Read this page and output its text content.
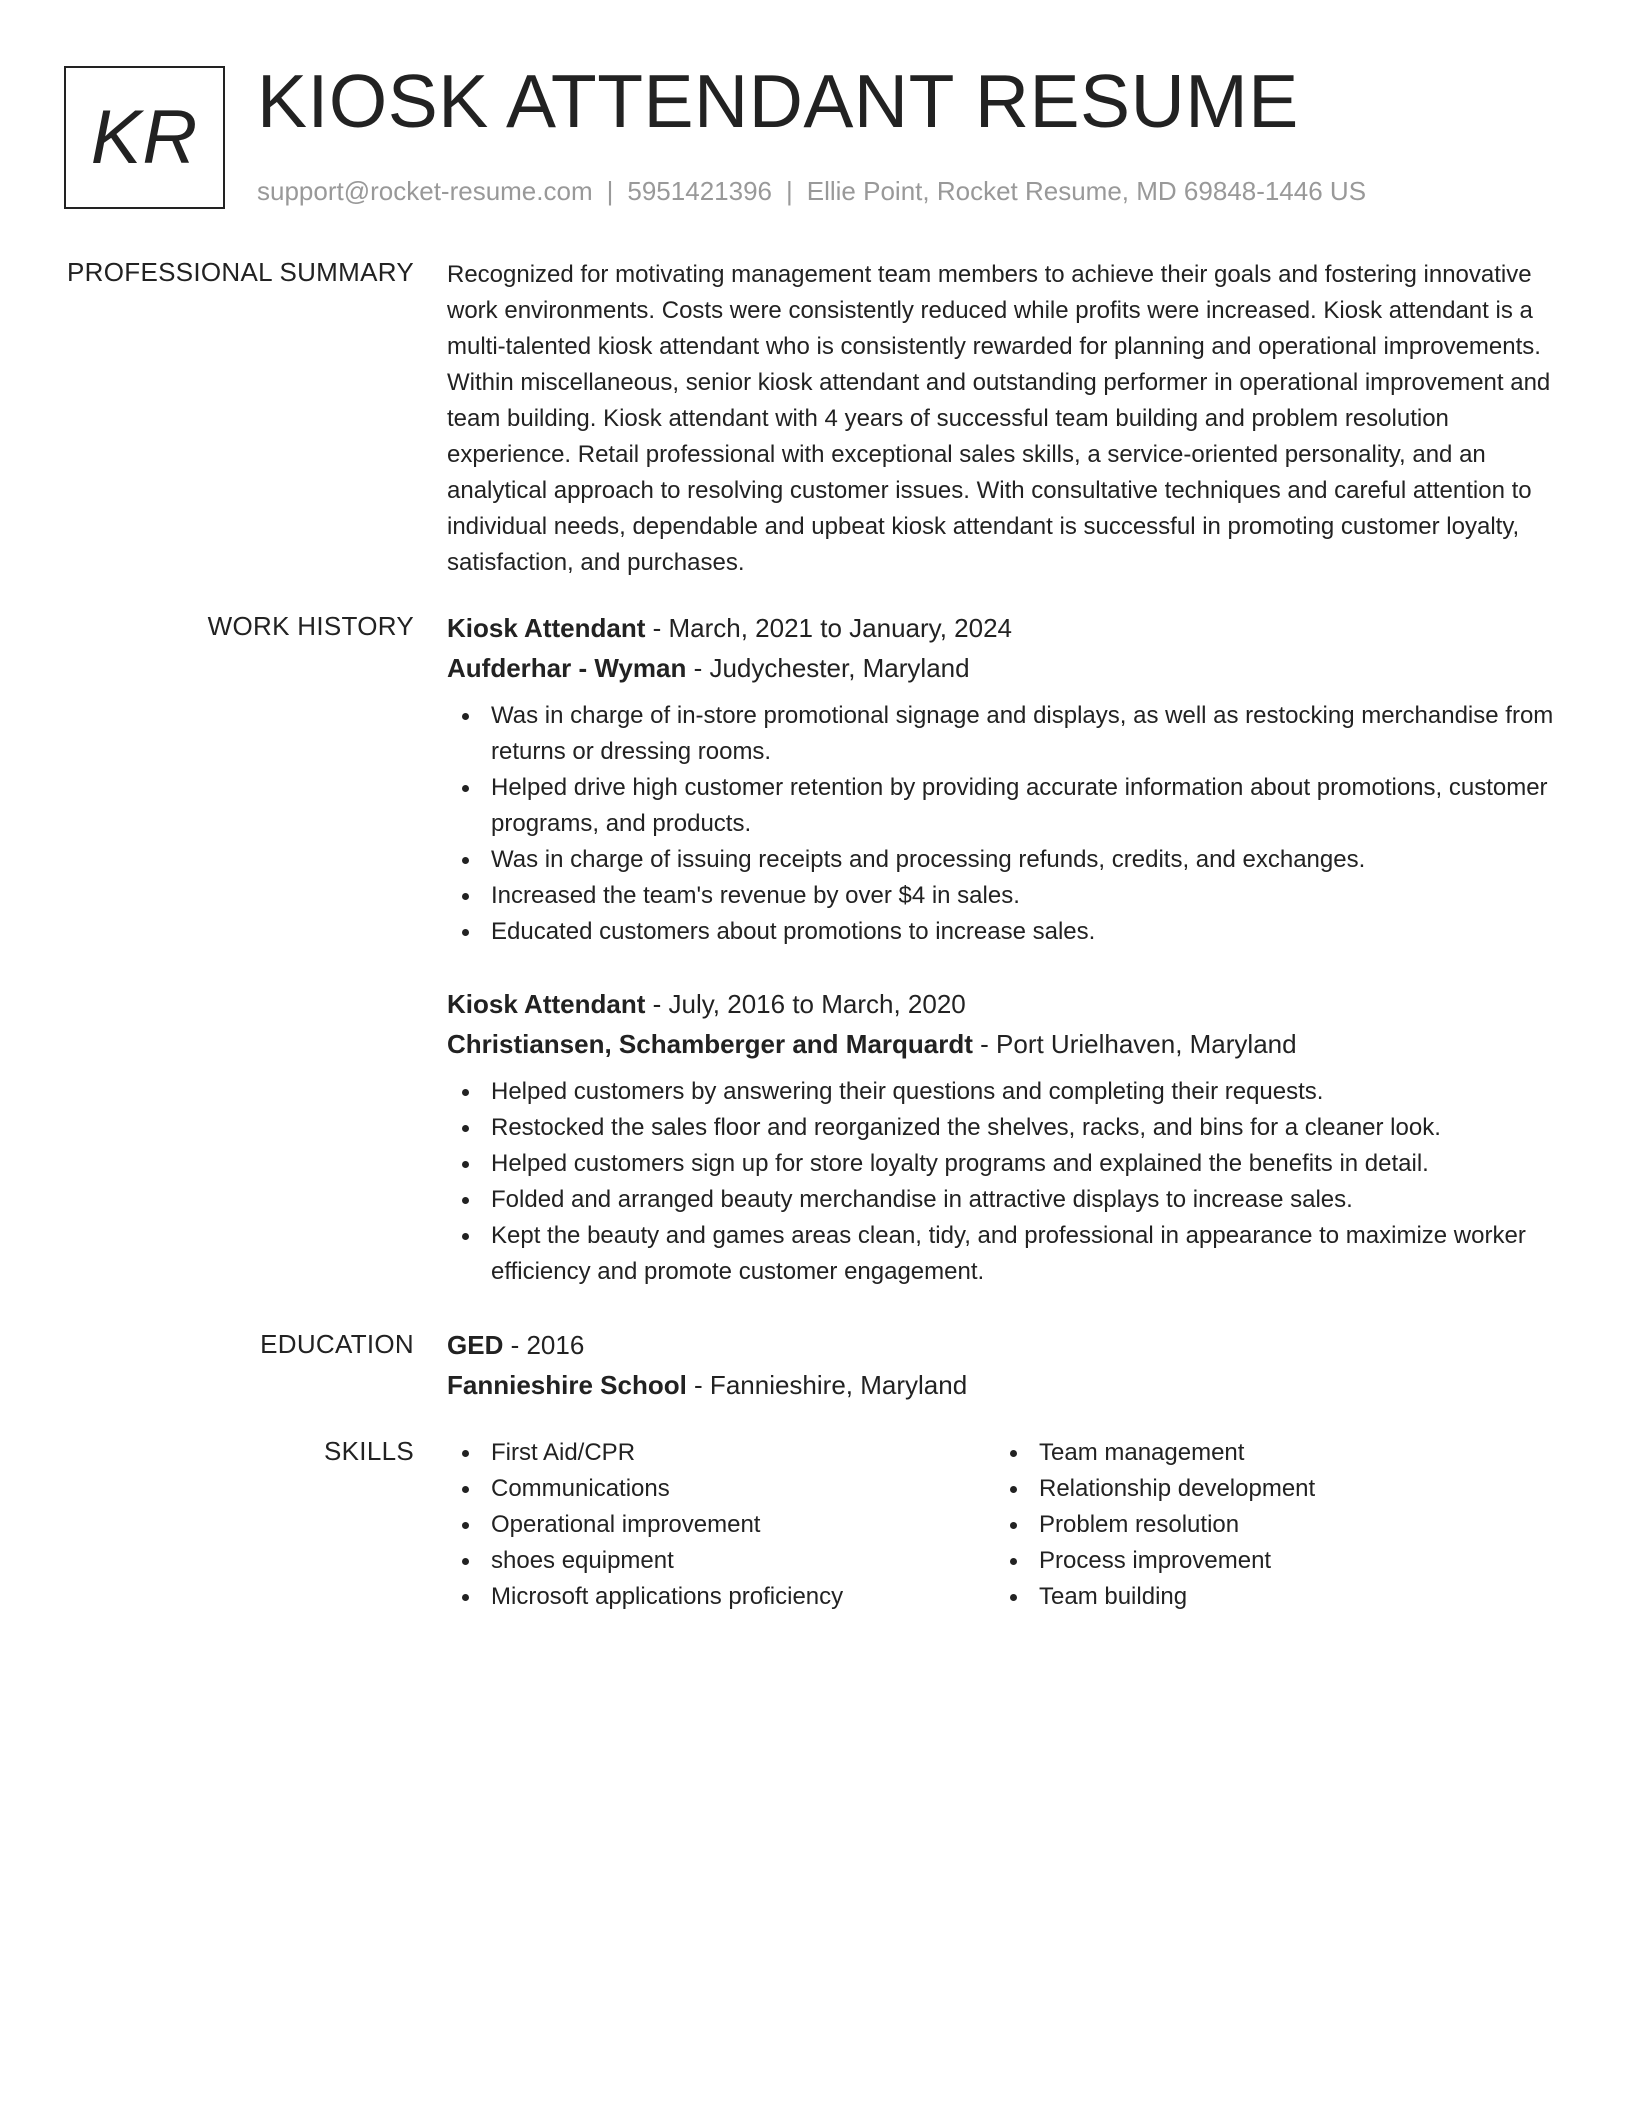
KR KIOSK ATTENDANT RESUME
support@rocket-resume.com | 5951421396 | Ellie Point, Rocket Resume, MD 69848-1446 US
PROFESSIONAL SUMMARY Recognized for motivating management team members to achieve their goals and fostering innovative work environments. Costs were consistently reduced while profits were increased. Kiosk attendant is a multi-talented kiosk attendant who is consistently rewarded for planning and operational improvements. Within miscellaneous, senior kiosk attendant and outstanding performer in operational improvement and team building. Kiosk attendant with 4 years of successful team building and problem resolution experience. Retail professional with exceptional sales skills, a service-oriented personality, and an analytical approach to resolving customer issues. With consultative techniques and careful attention to individual needs, dependable and upbeat kiosk attendant is successful in promoting customer loyalty, satisfaction, and purchases.
WORK HISTORY Kiosk Attendant - March, 2021 to January, 2024
Aufderhar - Wyman - Judychester, Maryland
Was in charge of in-store promotional signage and displays, as well as restocking merchandise from returns or dressing rooms.
Helped drive high customer retention by providing accurate information about promotions, customer programs, and products.
Was in charge of issuing receipts and processing refunds, credits, and exchanges.
Increased the team's revenue by over $4 in sales.
Educated customers about promotions to increase sales.
Kiosk Attendant - July, 2016 to March, 2020
Christiansen, Schamberger and Marquardt - Port Urielhaven, Maryland
Helped customers by answering their questions and completing their requests.
Restocked the sales floor and reorganized the shelves, racks, and bins for a cleaner look.
Helped customers sign up for store loyalty programs and explained the benefits in detail.
Folded and arranged beauty merchandise in attractive displays to increase sales.
Kept the beauty and games areas clean, tidy, and professional in appearance to maximize worker efficiency and promote customer engagement.
EDUCATION GED - 2016
Fannieshire School - Fannieshire, Maryland
SKILLS	First Aid/CPR
Communications
Operational improvement
shoes equipment
Microsoft applications proficiency
Team management
Relationship development
Problem resolution
Process improvement
Team building
